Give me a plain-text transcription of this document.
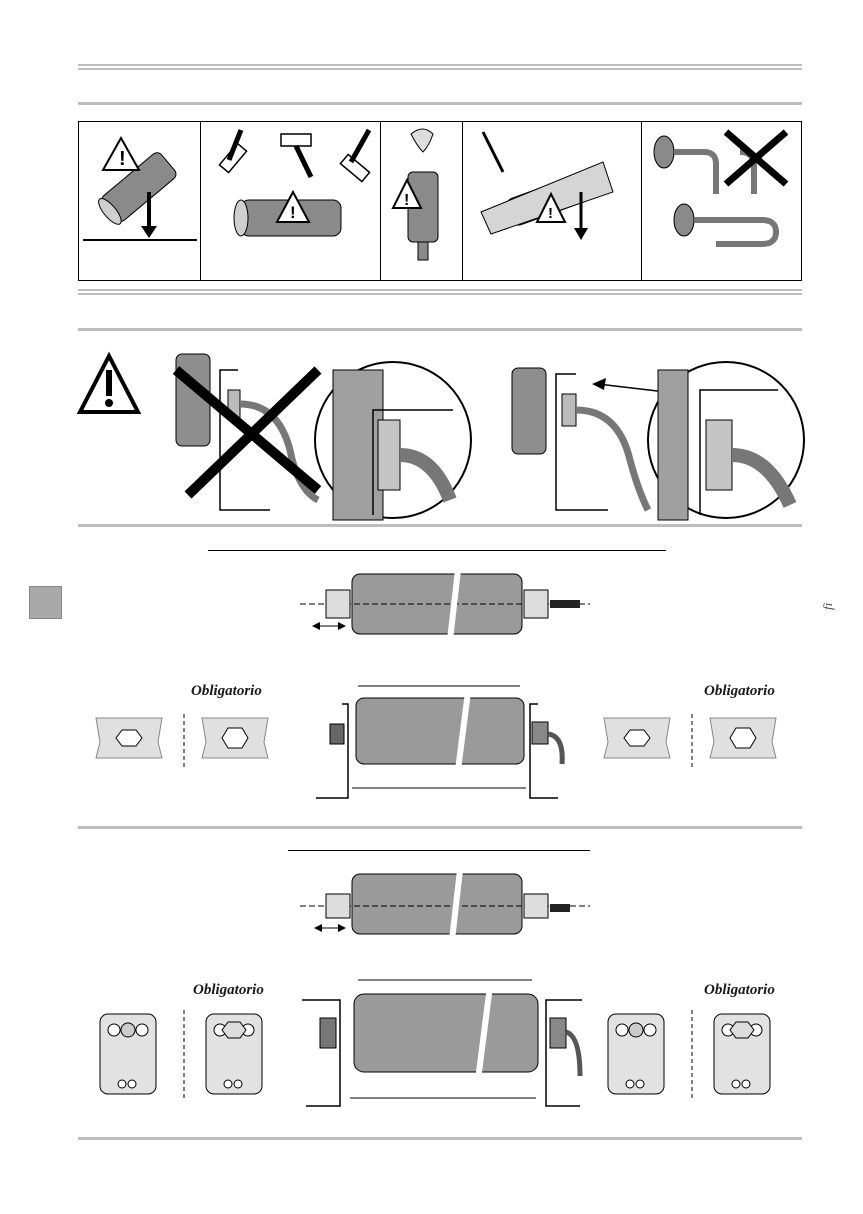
!
!
!
!
fi
Obligatorio	Obligatorio
Obligatorio	Obligatorio
